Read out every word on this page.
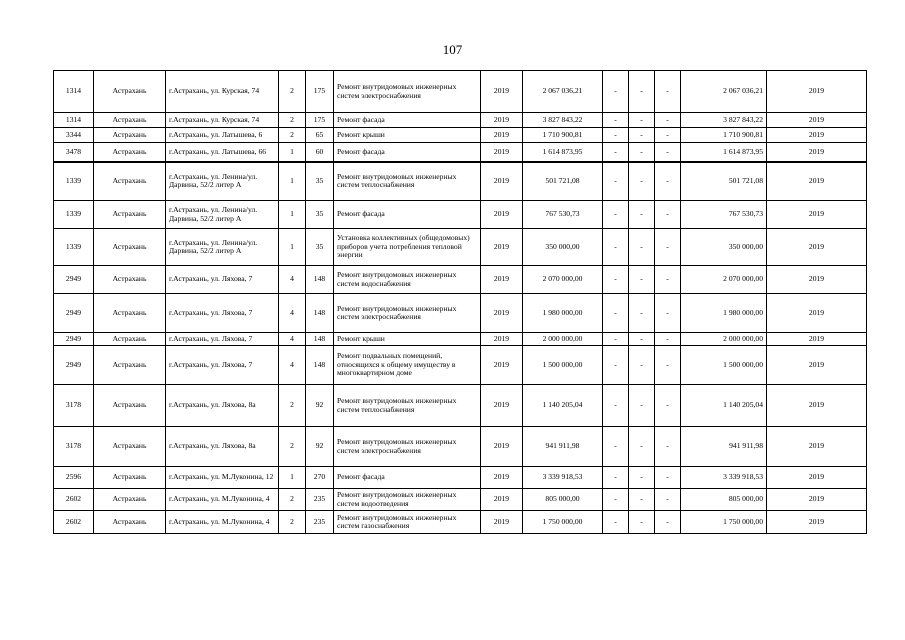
107
1314	Астрахань	г.Астрахань, ул. Курская, 74	2	175	Ремонт внутридомовых инженерных систем электроснабжения	2019	2 067 036,21	-	-	-	2 067 036,21	2019
1314	Астрахань	г.Астрахань, ул. Курская, 74	2	175	Ремонт фасада	2019	3 827 843,22	-	-	-	3 827 843,22	2019
3344	Астрахань	г.Астрахань, ул. Латышева, 6	2	65	Ремонт крыши	2019	1 710 900,81	-	-	-	1 710 900,81	2019
3478	Астрахань	г.Астрахань, ул. Латышева, 66	1	60	Ремонт фасада	2019	1 614 873,95	-	-	-	1 614 873,95	2019
1339	Астрахань	г.Астрахань, ул. Ленина/ул. Дарвина, 52/2 литер А	1	35	Ремонт внутридомовых инженерных систем теплоснабжения	2019	501 721,08	-	-	-	501 721,08	2019
1339	Астрахань	г.Астрахань, ул. Ленина/ул. Дарвина, 52/2 литер А	1	35	Ремонт фасада	2019	767 530,73	-	-	-	767 530,73	2019
1339	Астрахань	г.Астрахань, ул. Ленина/ул. Дарвина, 52/2 литер А	1	35	Установка коллективных (общедомовых) приборов учета потребления тепловой энергии	2019	350 000,00	-	-	-	350 000,00	2019
2949	Астрахань	г.Астрахань, ул. Ляхова, 7	4	148	Ремонт внутридомовых инженерных систем водоснабжения	2019	2 070 000,00	-	-	-	2 070 000,00	2019
2949	Астрахань	г.Астрахань, ул. Ляхова, 7	4	148	Ремонт внутридомовых инженерных систем электроснабжения	2019	1 980 000,00	-	-	-	1 980 000,00	2019
2949	Астрахань	г.Астрахань, ул. Ляхова, 7	4	148	Ремонт крыши	2019	2 000 000,00	-	-	-	2 000 000,00	2019
2949	Астрахань	г.Астрахань, ул. Ляхова, 7	4	148	Ремонт подвальных помещений, относящихся к общему имуществу в многоквартирном доме	2019	1 500 000,00	-	-	-	1 500 000,00	2019
3178	Астрахань	г.Астрахань, ул. Ляхова, 8а	2	92	Ремонт внутридомовых инженерных систем теплоснабжения	2019	1 140 205,04	-	-	-	1 140 205,04	2019
3178	Астрахань	г.Астрахань, ул. Ляхова, 8а	2	92	Ремонт внутридомовых инженерных систем электроснабжения	2019	941 911,98	-	-	-	941 911,98	2019
2596	Астрахань	г.Астрахань, ул. М.Луконина, 12	1	270	Ремонт фасада	2019	3 339 918,53	-	-	-	3 339 918,53	2019
2602	Астрахань	г.Астрахань, ул. М.Луконина, 4	2	235	Ремонт внутридомовых инженерных систем водоотведения	2019	805 000,00	-	-	-	805 000,00	2019
2602	Астрахань	г.Астрахань, ул. М.Луконина, 4	2	235	Ремонт внутридомовых инженерных систем газоснабжения	2019	1 750 000,00	-	-	-	1 750 000,00	2019
